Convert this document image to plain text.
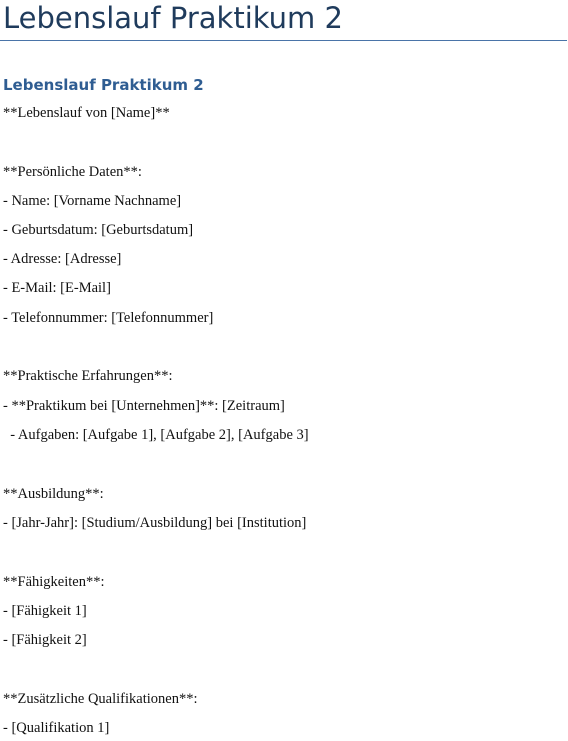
Lebenslauf Praktikum 2
Lebenslauf Praktikum 2

**Lebenslauf von [Name]**

**Persönliche Daten**:

- Name: [Vorname Nachname]

- Geburtsdatum: [Geburtsdatum]

- Adresse: [Adresse]

- E-Mail: [E-Mail]

- Telefonnummer: [Telefonnummer]

**Praktische Erfahrungen**:

- **Praktikum bei [Unternehmen]**: [Zeitraum]

- Aufgaben: [Aufgabe 1], [Aufgabe 2], [Aufgabe 3]

**Ausbildung**:

- [Jahr-Jahr]: [Studium/Ausbildung] bei [Institution]

**Fähigkeiten**:

- [Fähigkeit 1]

- [Fähigkeit 2]

**Zusätzliche Qualifikationen**:

- [Qualifikation 1]
